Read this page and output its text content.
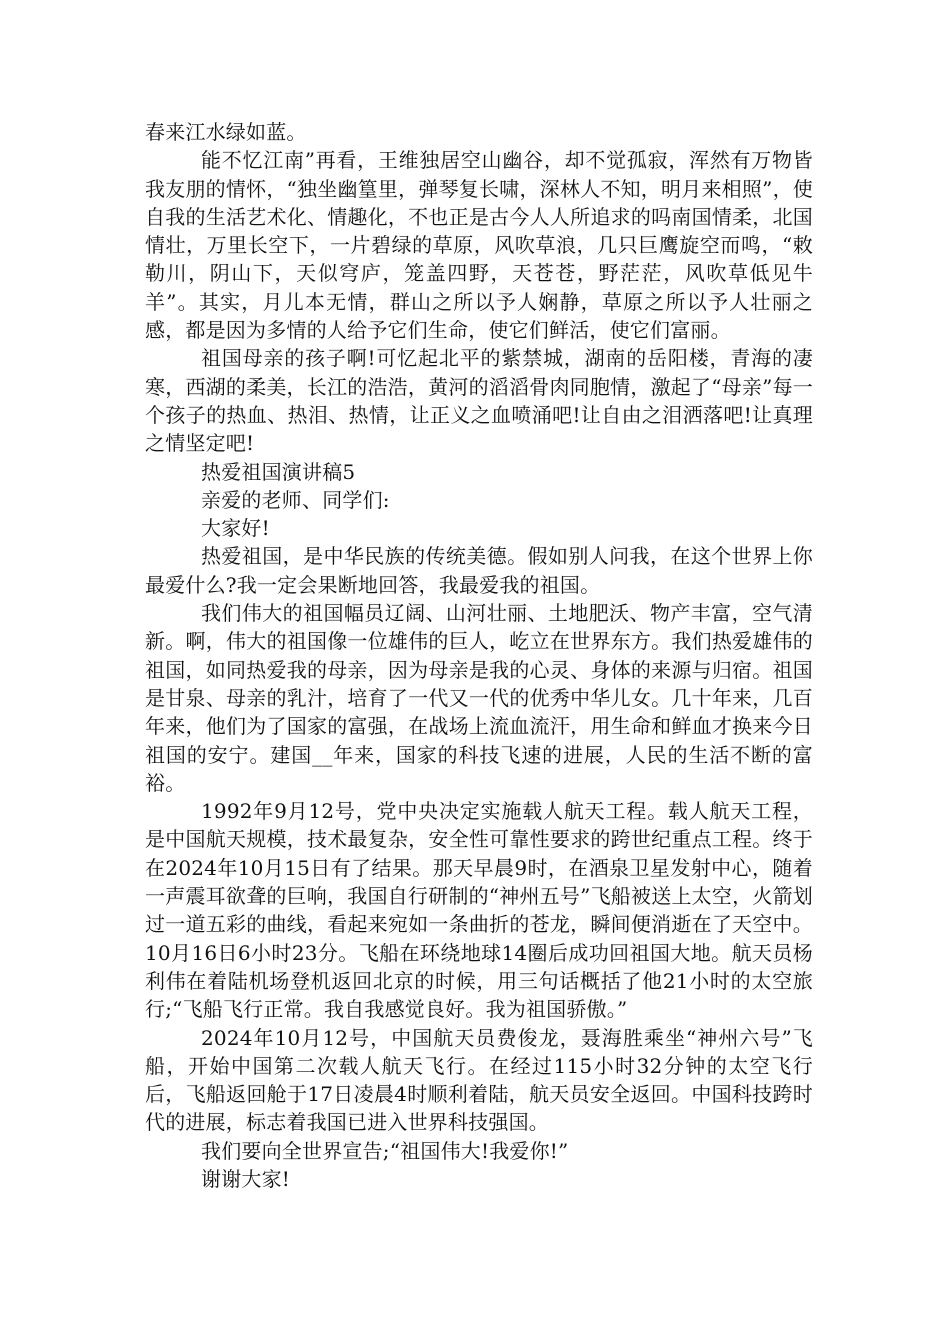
春来江水绿如蓝。

能不忆江南”再看，王维独居空山幽谷，却不觉孤寂，浑然有万物皆我友朋的情怀，“独坐幽篁里，弹琴复长啸，深林人不知，明月来相照”，使自我的生活艺术化、情趣化，不也正是古今人人所追求的吗南国情柔，北国情壮，万里长空下，一片碧绿的草原，风吹草浪，几只巨鹰旋空而鸣，“敕勒川，阴山下，天似穹庐，笼盖四野，天苍苍，野茫茫，风吹草低见牛羊”。其实，月儿本无情，群山之所以予人娴静，草原之所以予人壮丽之感，都是因为多情的人给予它们生命，使它们鲜活，使它们富丽。

祖国母亲的孩子啊!可忆起北平的紫禁城，湖南的岳阳楼，青海的凄寒，西湖的柔美，长江的浩浩，黄河的滔滔骨肉同胞情，激起了“母亲”每一个孩子的热血、热泪、热情，让正义之血喷涌吧!让自由之泪洒落吧!让真理之情坚定吧!

热爱祖国演讲稿5

亲爱的老师、同学们:

大家好!

热爱祖国，是中华民族的传统美德。假如别人问我，在这个世界上你最爱什么?我一定会果断地回答，我最爱我的祖国。

我们伟大的祖国幅员辽阔、山河壮丽、土地肥沃、物产丰富，空气清新。啊，伟大的祖国像一位雄伟的巨人，屹立在世界东方。我们热爱雄伟的祖国，如同热爱我的母亲，因为母亲是我的心灵、身体的来源与归宿。祖国是甘泉、母亲的乳汁，培育了一代又一代的优秀中华儿女。几十年来，几百年来，他们为了国家的富强，在战场上流血流汗，用生命和鲜血才换来今日祖国的安宁。建国__年来，国家的科技飞速的进展，人民的生活不断的富裕。

1992年9月12号，党中央决定实施载人航天工程。载人航天工程，是中国航天规模，技术最复杂，安全性可靠性要求的跨世纪重点工程。终于在2024年10月15日有了结果。那天早晨9时，在酒泉卫星发射中心，随着一声震耳欲聋的巨响，我国自行研制的“神州五号”飞船被送上太空，火箭划过一道五彩的曲线，看起来宛如一条曲折的苍龙，瞬间便消逝在了天空中。10月16日6小时23分。飞船在环绕地球14圈后成功回祖国大地。航天员杨利伟在着陆机场登机返回北京的时候，用三句话概括了他21小时的太空旅行;“飞船飞行正常。我自我感觉良好。我为祖国骄傲。”

2024年10月12号，中国航天员费俊龙，聂海胜乘坐“神州六号”飞船，开始中国第二次载人航天飞行。在经过115小时32分钟的太空飞行后，飞船返回舱于17日凌晨4时顺利着陆，航天员安全返回。中国科技跨时代的进展，标志着我国已进入世界科技强国。

我们要向全世界宣告;“祖国伟大!我爱你!”

谢谢大家!
